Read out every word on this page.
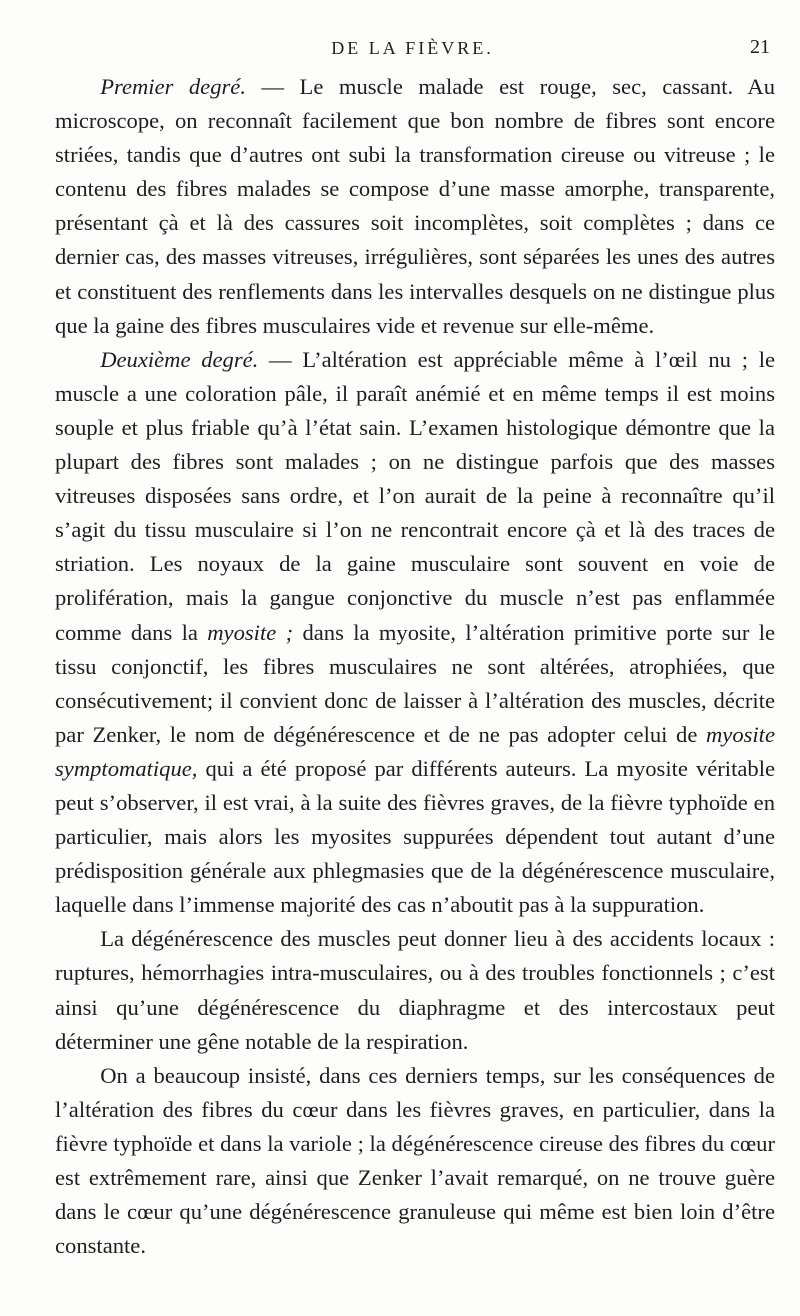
DE LA FIÈVRE.	21

Premier degré. — Le muscle malade est rouge, sec, cassant. Au microscope, on reconnaît facilement que bon nombre de fibres sont encore striées, tandis que d’autres ont subi la transformation cireuse ou vitreuse ; le contenu des fibres malades se compose d’une masse amorphe, transparente, présentant çà et là des cassures soit incomplètes, soit complètes ; dans ce dernier cas, des masses vitreuses, irrégulières, sont séparées les unes des autres et constituent des renflements dans les intervalles desquels on ne distingue plus que la gaine des fibres musculaires vide et revenue sur elle-même.

Deuxième degré. — L’altération est appréciable même à l’œil nu ; le muscle a une coloration pâle, il paraît anémié et en même temps il est moins souple et plus friable qu’à l’état sain. L’examen histologique démontre que la plupart des fibres sont malades ; on ne distingue parfois que des masses vitreuses disposées sans ordre, et l’on aurait de la peine à reconnaître qu’il s’agit du tissu musculaire si l’on ne rencontrait encore çà et là des traces de striation. Les noyaux de la gaine musculaire sont souvent en voie de prolifération, mais la gangue conjonctive du muscle n’est pas enflammée comme dans la myosite ; dans la myosite, l’altération primitive porte sur le tissu conjonctif, les fibres musculaires ne sont altérées, atrophiées, que consécutivement; il convient donc de laisser à l’altération des muscles, décrite par Zenker, le nom de dégénérescence et de ne pas adopter celui de myosite symptomatique, qui a été proposé par différents auteurs. La myosite véritable peut s’observer, il est vrai, à la suite des fièvres graves, de la fièvre typhoïde en particulier, mais alors les myosites suppurées dépendent tout autant d’une prédisposition générale aux phlegmasies que de la dégénérescence musculaire, laquelle dans l’immense majorité des cas n’aboutit pas à la suppuration.

La dégénérescence des muscles peut donner lieu à des accidents locaux : ruptures, hémorrhagies intra-musculaires, ou à des troubles fonctionnels ; c’est ainsi qu’une dégénérescence du diaphragme et des intercostaux peut déterminer une gêne notable de la respiration.

On a beaucoup insisté, dans ces derniers temps, sur les conséquences de l’altération des fibres du cœur dans les fièvres graves, en particulier, dans la fièvre typhoïde et dans la variole ; la dégénérescence cireuse des fibres du cœur est extrêmement rare, ainsi que Zenker l’avait remarqué, on ne trouve guère dans le cœur qu’une dégénérescence granuleuse qui même est bien loin d’être constante.
